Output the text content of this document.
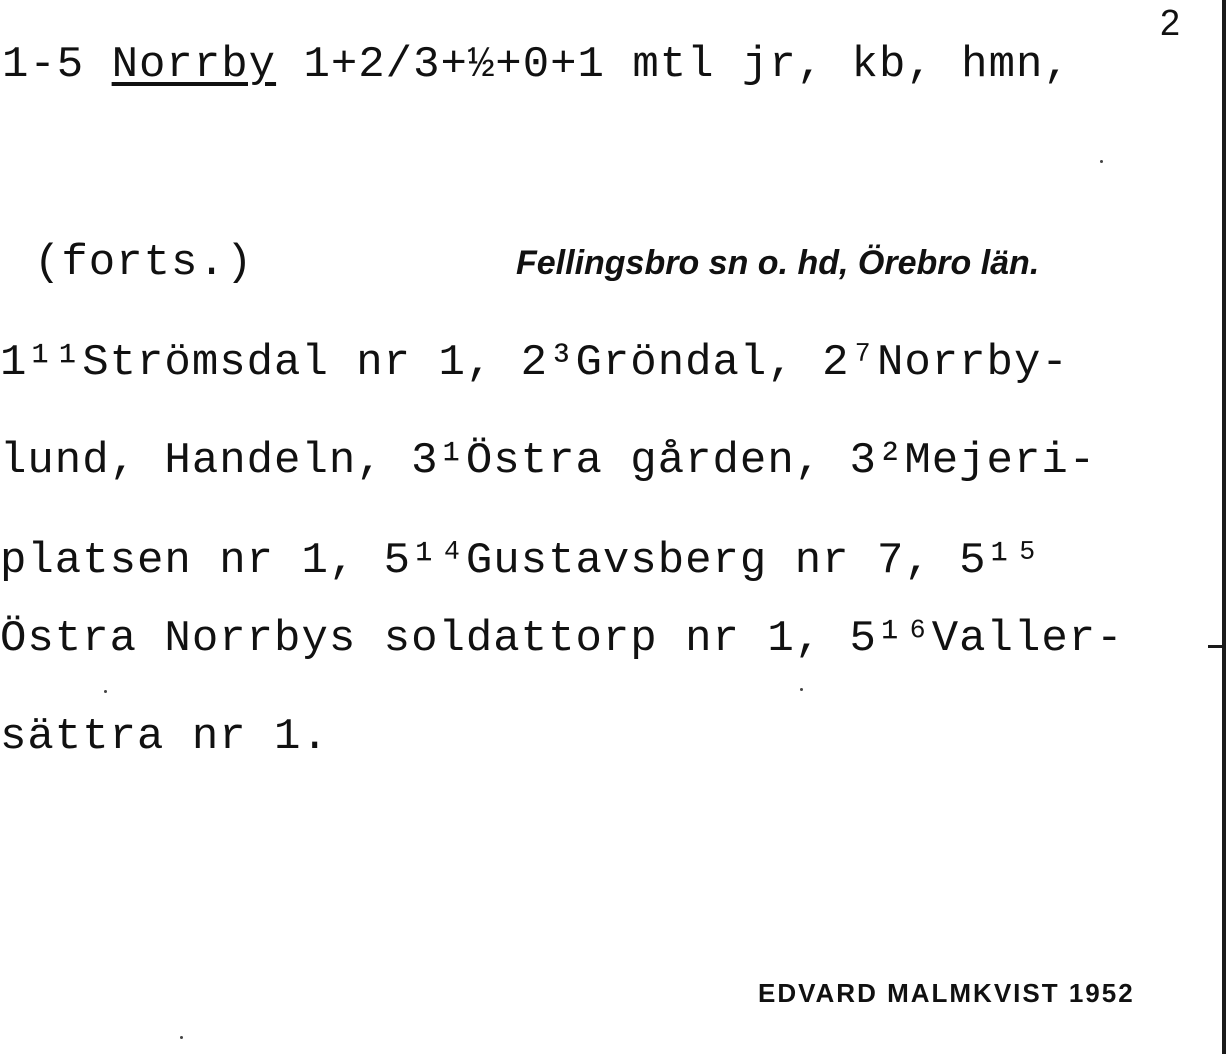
2
1-5 Norrby 1+2/3+½+0+1 mtl jr, kb, hmn,
(forts.)	Fellingsbro sn o. hd, Örebro län.
1¹¹Strömsdal nr 1, 2³Gröndal, 2⁷Norrby-
lund, Handeln, 3¹Östra gården, 3²Mejeri-
platsen nr 1, 5¹⁴Gustavsberg nr 7, 5¹⁵
Östra Norrbys soldattorp nr 1, 5¹⁶Valler-
sättra nr 1.
EDVARD MALMKVIST 1952
